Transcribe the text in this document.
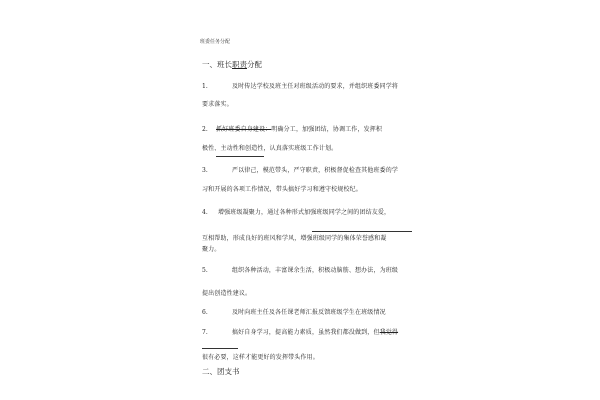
班委任务分配
一、班长职责分配
1.	及时传达学校及班主任对班级活动的要求，并组织班委同学将
要求落实。
2. 抓好班委自身建设：明确分工，加强团结，协调工作，发挥积
极性、主动性和创造性，认真落实班级工作计划。
3.	严以律己，模范带头，严守职责，积极督促检查其他班委的学
习和开展的各项工作情况，带头搞好学习和遵守校规校纪。
4. 增强班级凝聚力，通过各种形式加强班级同学之间的团结友爱，
互相帮助，形成良好的班风和学风，增强班级同学的集体荣誉感和凝
聚力。
5.	组织各种活动，丰富课余生活，积极动脑筋、想办法，为班级
提出创造性建议。
6.	及时向班主任及各任课老师汇报反馈班级学生在班级情况
7.	搞好自身学习，提高能力素质，虽然我们都没做到，但我觉得
很有必要，这样才能更好的发挥带头作用。
二、团支书
